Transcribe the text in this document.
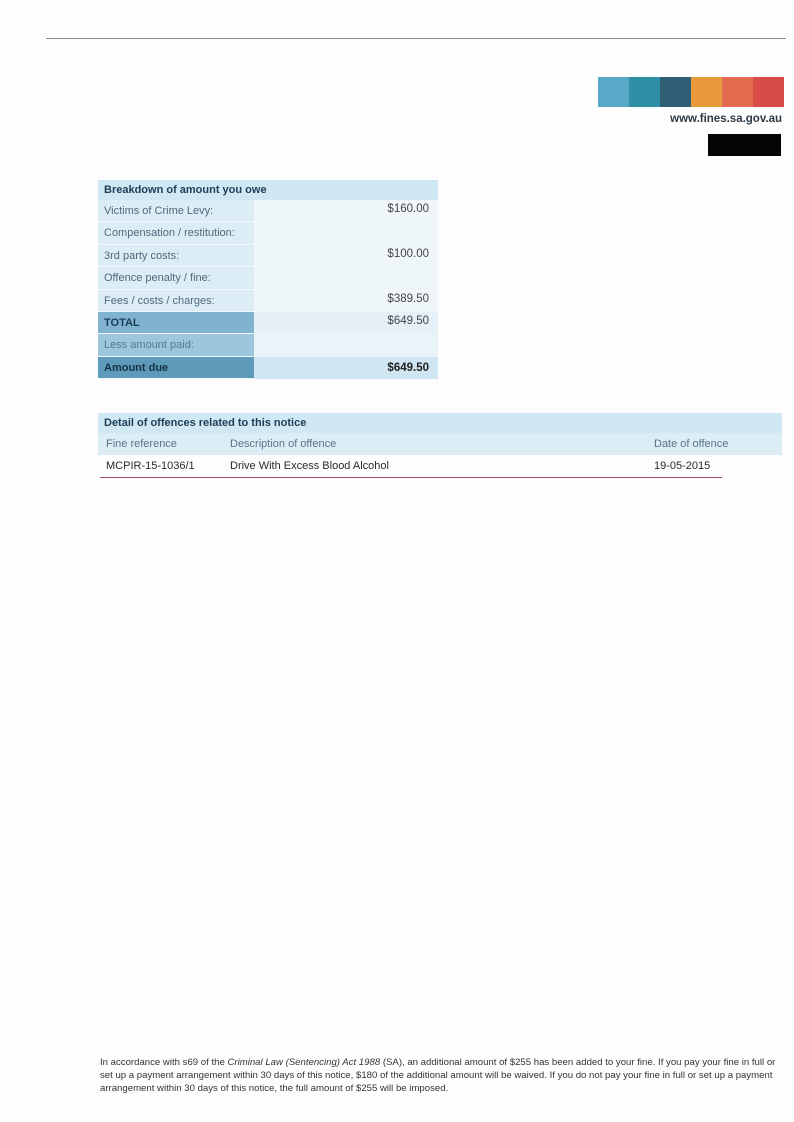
www.fines.sa.gov.au
Breakdown of amount you owe
Victims of Crime Levy:	$160.00
Compensation / restitution:
3rd party costs:	$100.00
Offence penalty / fine:
Fees / costs / charges:	$389.50
TOTAL	$649.50
Less amount paid:
Amount due	$649.50
Detail of offences related to this notice
Fine reference	Description of offence	Date of offence
MCPIR-15-1036/1	Drive With Excess Blood Alcohol	19-05-2015

In accordance with s69 of the Criminal Law (Sentencing) Act 1988 (SA), an additional amount of $255 has been added to your fine. If you pay your fine in full or set up a payment arrangement within 30 days of this notice, $180 of the additional amount will be waived. If you do not pay your fine in full or set up a payment arrangement within 30 days of this notice, the full amount of $255 will be imposed.
